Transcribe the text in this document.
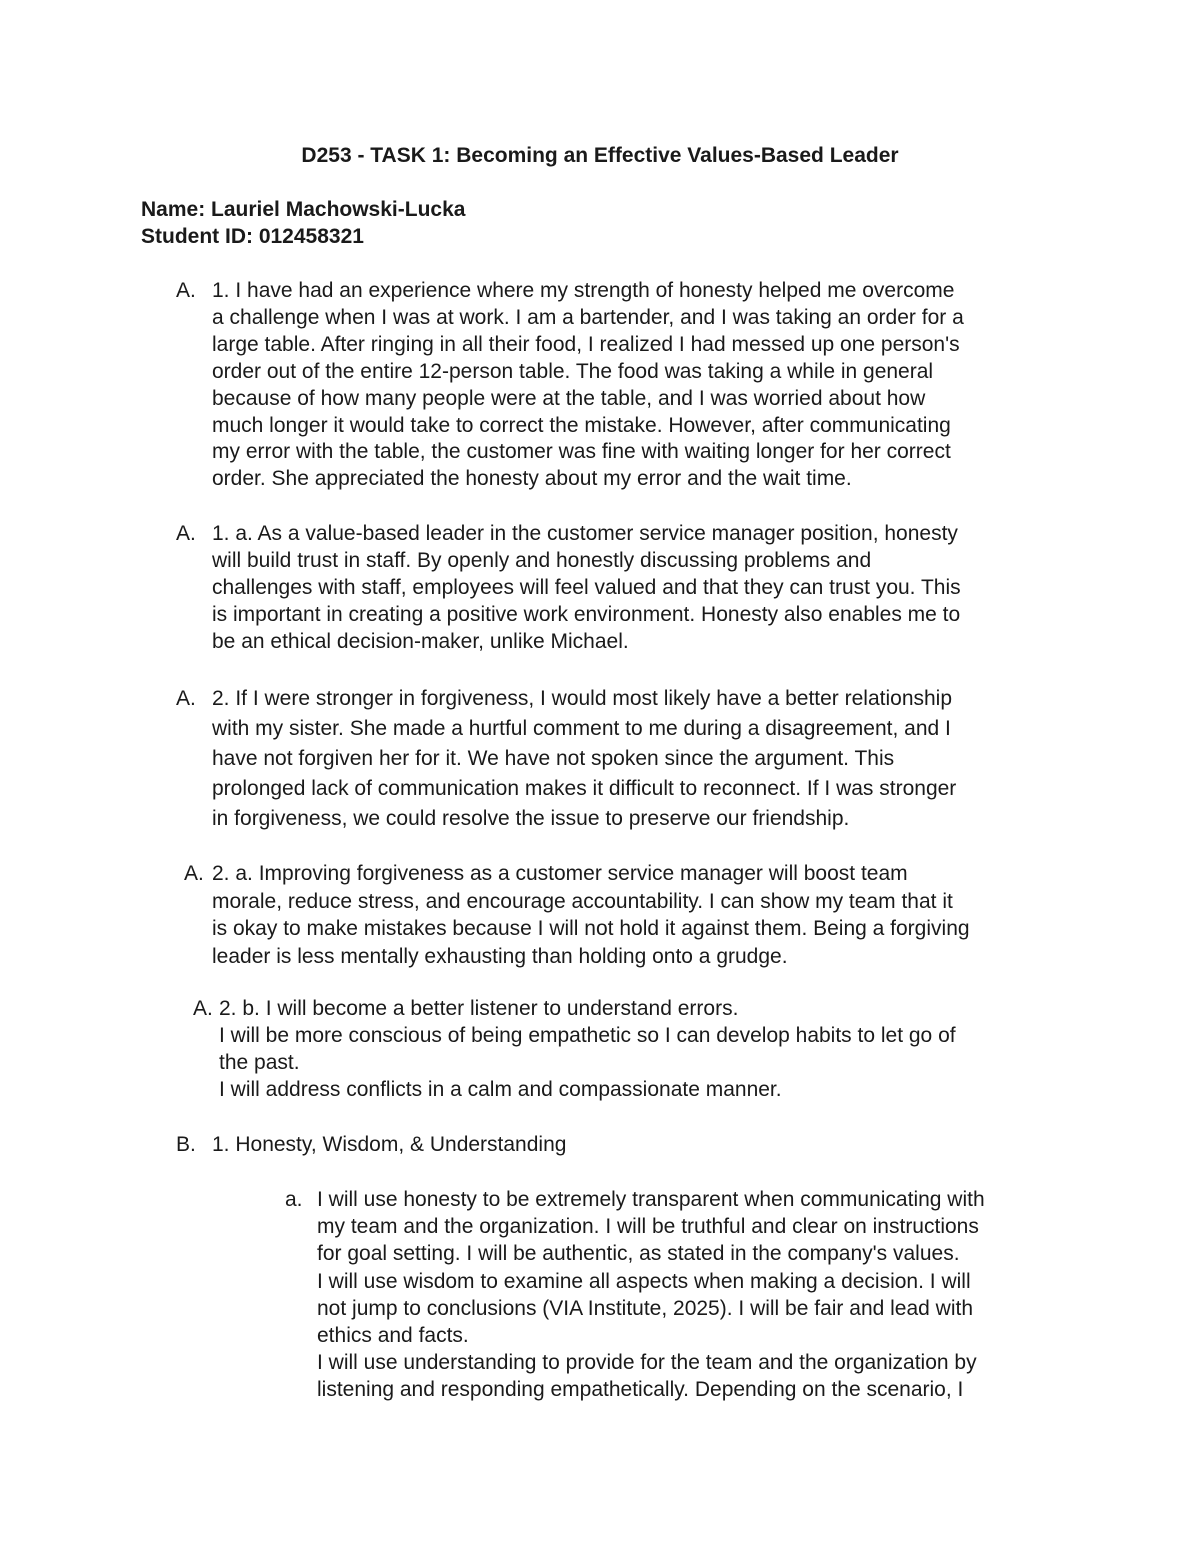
D253 - TASK 1: Becoming an Effective Values-Based Leader
Name: Lauriel Machowski-Lucka
Student ID: 012458321
A. 1. I have had an experience where my strength of honesty helped me overcome
a challenge when I was at work. I am a bartender, and I was taking an order for a
large table. After ringing in all their food, I realized I had messed up one person's
order out of the entire 12-person table. The food was taking a while in general
because of how many people were at the table, and I was worried about how
much longer it would take to correct the mistake. However, after communicating
my error with the table, the customer was fine with waiting longer for her correct
order. She appreciated the honesty about my error and the wait time.
A. 1. a. As a value-based leader in the customer service manager position, honesty
will build trust in staff. By openly and honestly discussing problems and
challenges with staff, employees will feel valued and that they can trust you. This
is important in creating a positive work environment. Honesty also enables me to
be an ethical decision-maker, unlike Michael.
A. 2. If I were stronger in forgiveness, I would most likely have a better relationship
with my sister. She made a hurtful comment to me during a disagreement, and I
have not forgiven her for it. We have not spoken since the argument. This
prolonged lack of communication makes it difficult to reconnect. If I was stronger
in forgiveness, we could resolve the issue to preserve our friendship.
A. 2. a. Improving forgiveness as a customer service manager will boost team
morale, reduce stress, and encourage accountability. I can show my team that it
is okay to make mistakes because I will not hold it against them. Being a forgiving
leader is less mentally exhausting than holding onto a grudge.
A. 2. b. I will become a better listener to understand errors.
I will be more conscious of being empathetic so I can develop habits to let go of
the past.
I will address conflicts in a calm and compassionate manner.
B. 1. Honesty, Wisdom, & Understanding
a. I will use honesty to be extremely transparent when communicating with
my team and the organization. I will be truthful and clear on instructions
for goal setting. I will be authentic, as stated in the company's values.
I will use wisdom to examine all aspects when making a decision. I will
not jump to conclusions (VIA Institute, 2025). I will be fair and lead with
ethics and facts.
I will use understanding to provide for the team and the organization by
listening and responding empathetically. Depending on the scenario, I
